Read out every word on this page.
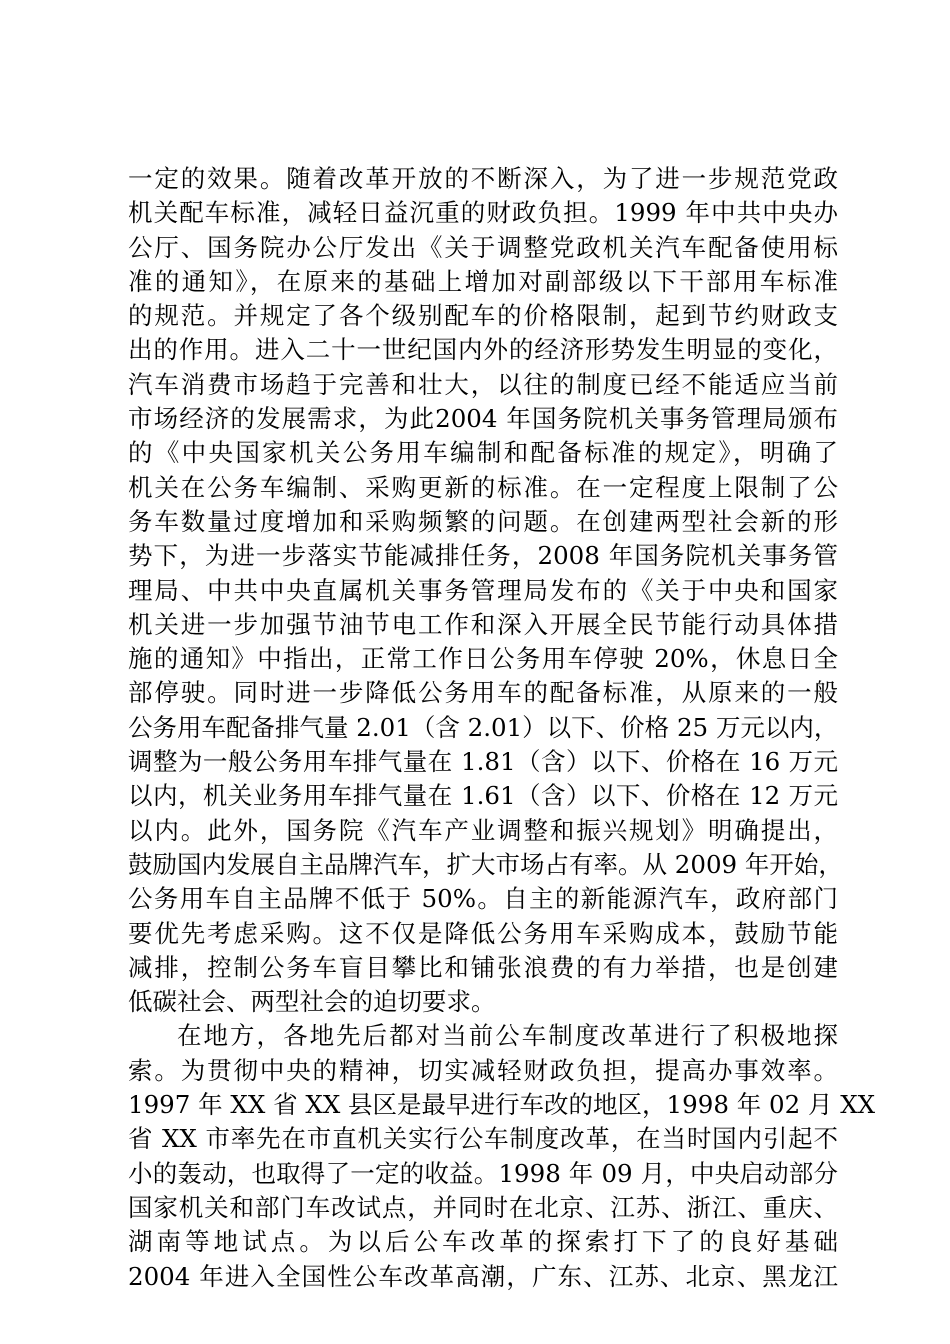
一定的效果。随着改革开放的不断深入，为了进一步规范党政
机关配车标准，减轻日益沉重的财政负担。1999 年中共中央办
公厅、国务院办公厅发出《关于调整党政机关汽车配备使用标
准的通知》，在原来的基础上增加对副部级以下干部用车标准
的规范。并规定了各个级别配车的价格限制，起到节约财政支
出的作用。进入二十一世纪国内外的经济形势发生明显的变化，
汽车消费市场趋于完善和壮大，以往的制度已经不能适应当前
市场经济的发展需求，为此2004 年国务院机关事务管理局颁布
的《中央国家机关公务用车编制和配备标准的规定》，明确了
机关在公务车编制、采购更新的标准。在一定程度上限制了公
务车数量过度增加和采购频繁的问题。在创建两型社会新的形
势下，为进一步落实节能减排任务，2008 年国务院机关事务管
理局、中共中央直属机关事务管理局发布的《关于中央和国家
机关进一步加强节油节电工作和深入开展全民节能行动具体措
施的通知》中指出，正常工作日公务用车停驶 20%，休息日全
部停驶。同时进一步降低公务用车的配备标准，从原来的一般
公务用车配备排气量 2.01（含 2.01）以下、价格 25 万元以内，
调整为一般公务用车排气量在 1.81（含）以下、价格在 16 万元
以内，机关业务用车排气量在 1.61（含）以下、价格在 12 万元
以内。此外，国务院《汽车产业调整和振兴规划》明确提出，
鼓励国内发展自主品牌汽车，扩大市场占有率。从 2009 年开始，
公务用车自主品牌不低于 50%。自主的新能源汽车，政府部门
要优先考虑采购。这不仅是降低公务用车采购成本，鼓励节能
减排，控制公务车盲目攀比和铺张浪费的有力举措，也是创建
低碳社会、两型社会的迫切要求。
在地方，各地先后都对当前公车制度改革进行了积极地探
索。为贯彻中央的精神，切实减轻财政负担，提高办事效率。
1997 年 XX 省 XX 县区是最早进行车改的地区，1998 年 02 月 XX
省 XX 市率先在市直机关实行公车制度改革，在当时国内引起不
小的轰动，也取得了一定的收益。1998 年 09 月，中央启动部分
国家机关和部门车改试点，并同时在北京、江苏、浙江、重庆、
湖南等地试点。为以后公车改革的探索打下了的良好基础
2004 年进入全国性公车改革高潮，广东、江苏、北京、黑龙江
